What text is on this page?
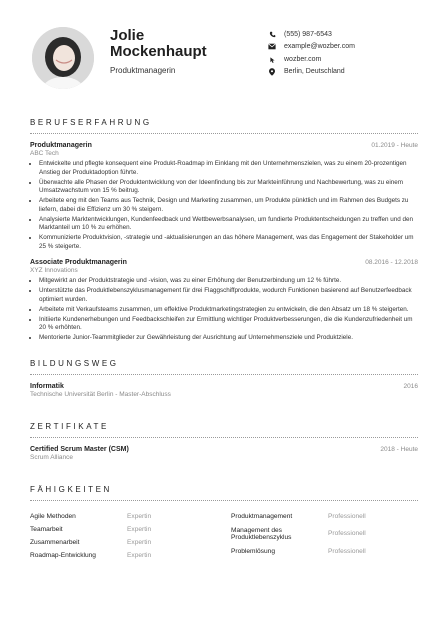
Jolie
Mockenhaupt
Produktmanagerin
(555) 987-6543
example@wozber.com
wozber.com
Berlin, Deutschland
BERUFSERFAHRUNG
Produktmanagerin	01.2019 - Heute
ABC Tech
• Entwickelte und pflegte konsequent eine Produkt-Roadmap im Einklang mit den Unternehmenszielen, was zu einem 20-prozentigen Anstieg der Produktadoption führte.
• Überwachte alle Phasen der Produktentwicklung von der Ideenfindung bis zur Markteinführung und Nachbewertung, was zu einem Umsatzwachstum von 15 % beitrug.
• Arbeitete eng mit den Teams aus Technik, Design und Marketing zusammen, um Produkte pünktlich und im Rahmen des Budgets zu liefern, dabei die Effizienz um 30 % steigern.
• Analysierte Marktentwicklungen, Kundenfeedback und Wettbewerbsanalysen, um fundierte Produktentscheidungen zu treffen und den Marktanteil um 10 % zu erhöhen.
• Kommunizierte Produktvision, -strategie und -aktualisierungen an das höhere Management, was das Engagement der Stakeholder um 25 % steigerte.
Associate Produktmanagerin	08.2016 - 12.2018
XYZ Innovations
• Mitgewirkt an der Produktstrategie und -vision, was zu einer Erhöhung der Benutzerbindung um 12 % führte.
• Unterstützte das Produktlebenszyklusmanagement für drei Flaggschiffprodukte, wodurch Funktionen basierend auf Benutzerfeedback optimiert wurden.
• Arbeitete mit Verkaufsteams zusammen, um effektive Produktmarketingstrategien zu entwickeln, die den Absatz um 18 % steigerten.
• Initiierte Kundenerhebungen und Feedbackschleifen zur Ermittlung wichtiger Produktverbesserungen, die die Kundenzufriedenheit um 20 % erhöhten.
• Mentorierte Junior-Teammitglieder zur Gewährleistung der Ausrichtung auf Unternehmensziele und Produktziele.
BILDUNGSWEG
Informatik	2016
Technische Universität Berlin - Master-Abschluss
ZERTIFIKATE
Certified Scrum Master (CSM)	2018 - Heute
Scrum Alliance
FÄHIGKEITEN
Agile Methoden	Expertin
Teamarbeit	Expertin
Zusammenarbeit	Expertin
Roadmap-Entwicklung	Expertin
Produktmanagement	Professionell
Management des Produktlebenszyklus	Professionell
Problemlösung	Professionell
